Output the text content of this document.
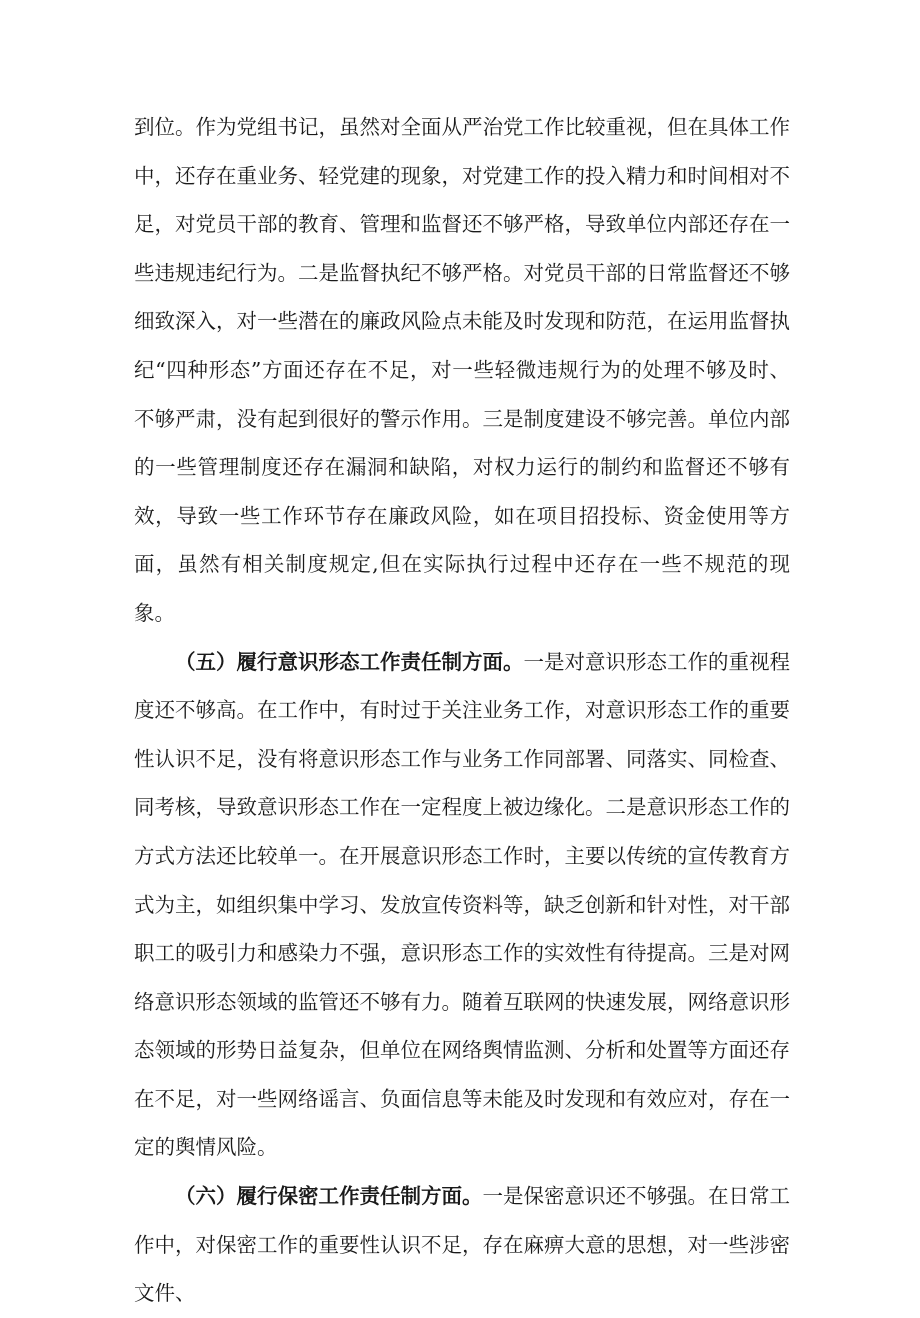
到位。作为党组书记，虽然对全面从严治党工作比较重视，但在具体工作中，还存在重业务、轻党建的现象，对党建工作的投入精力和时间相对不足，对党员干部的教育、管理和监督还不够严格，导致单位内部还存在一些违规违纪行为。二是监督执纪不够严格。对党员干部的日常监督还不够细致深入，对一些潜在的廉政风险点未能及时发现和防范，在运用监督执纪“四种形态”方面还存在不足，对一些轻微违规行为的处理不够及时、不够严肃，没有起到很好的警示作用。三是制度建设不够完善。单位内部的一些管理制度还存在漏洞和缺陷，对权力运行的制约和监督还不够有效，导致一些工作环节存在廉政风险，如在项目招投标、资金使用等方面，虽然有相关制度规定,但在实际执行过程中还存在一些不规范的现象。

（五）履行意识形态工作责任制方面。一是对意识形态工作的重视程度还不够高。在工作中，有时过于关注业务工作，对意识形态工作的重要性认识不足，没有将意识形态工作与业务工作同部署、同落实、同检查、同考核，导致意识形态工作在一定程度上被边缘化。二是意识形态工作的方式方法还比较单一。在开展意识形态工作时，主要以传统的宣传教育方式为主，如组织集中学习、发放宣传资料等，缺乏创新和针对性，对干部职工的吸引力和感染力不强，意识形态工作的实效性有待提高。三是对网络意识形态领域的监管还不够有力。随着互联网的快速发展，网络意识形态领域的形势日益复杂，但单位在网络舆情监测、分析和处置等方面还存在不足，对一些网络谣言、负面信息等未能及时发现和有效应对，存在一定的舆情风险。

（六）履行保密工作责任制方面。一是保密意识还不够强。在日常工作中，对保密工作的重要性认识不足，存在麻痹大意的思想，对一些涉密文件、
